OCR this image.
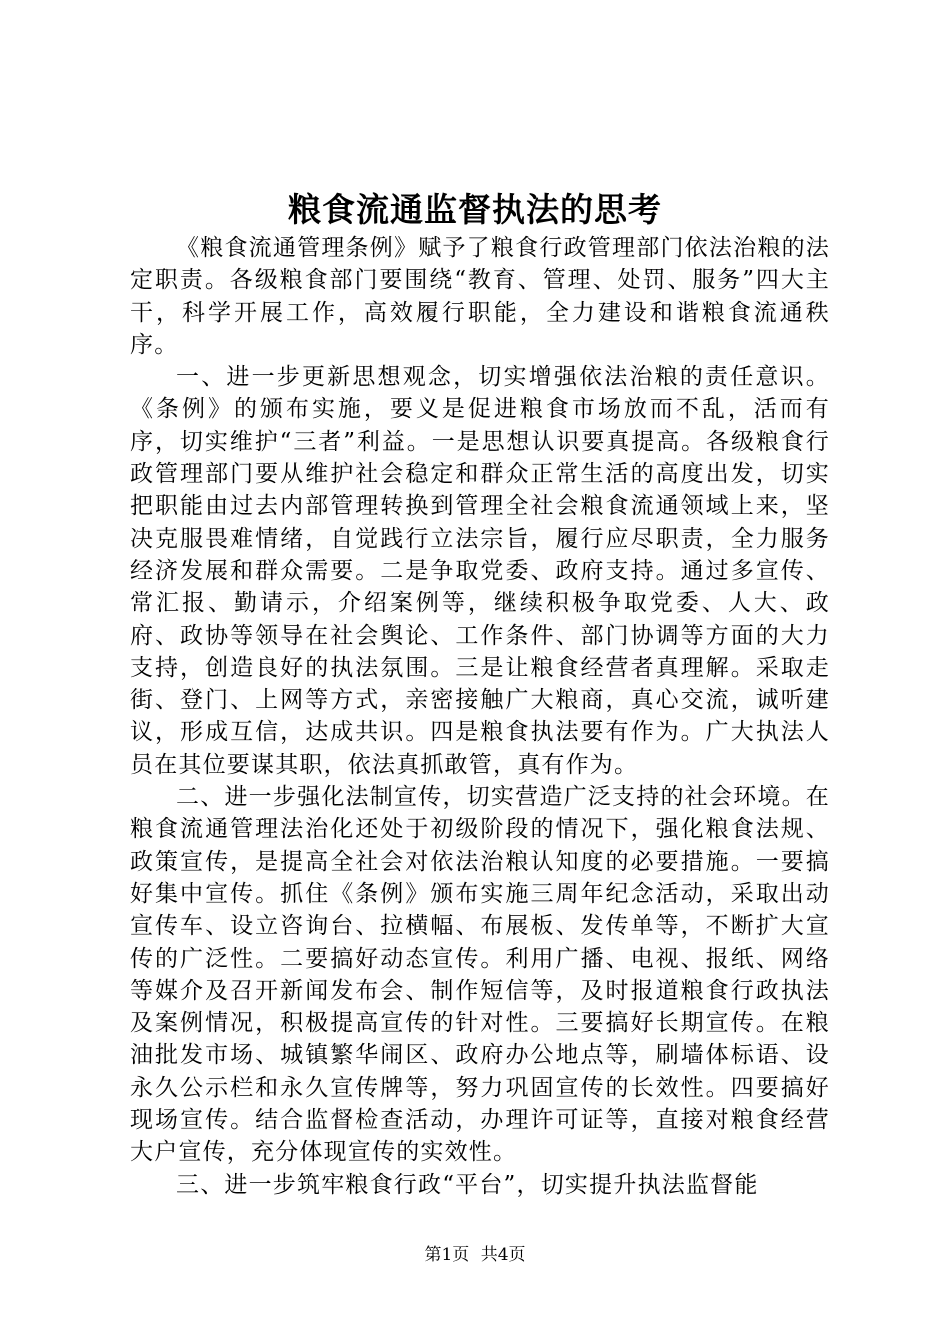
粮食流通监督执法的思考

《粮食流通管理条例》赋予了粮食行政管理部门依法治粮的法定职责。各级粮食部门要围绕“教育、管理、处罚、服务”四大主干，科学开展工作，高效履行职能，全力建设和谐粮食流通秩序。

一、进一步更新思想观念，切实增强依法治粮的责任意识。《条例》的颁布实施，要义是促进粮食市场放而不乱，活而有序，切实维护“三者”利益。一是思想认识要真提高。各级粮食行政管理部门要从维护社会稳定和群众正常生活的高度出发，切实把职能由过去内部管理转换到管理全社会粮食流通领域上来，坚决克服畏难情绪，自觉践行立法宗旨，履行应尽职责，全力服务经济发展和群众需要。二是争取党委、政府支持。通过多宣传、常汇报、勤请示，介绍案例等，继续积极争取党委、人大、政府、政协等领导在社会舆论、工作条件、部门协调等方面的大力支持，创造良好的执法氛围。三是让粮食经营者真理解。采取走街、登门、上网等方式，亲密接触广大粮商，真心交流，诚听建议，形成互信，达成共识。四是粮食执法要有作为。广大执法人员在其位要谋其职，依法真抓敢管，真有作为。

二、进一步强化法制宣传，切实营造广泛支持的社会环境。在粮食流通管理法治化还处于初级阶段的情况下，强化粮食法规、政策宣传，是提高全社会对依法治粮认知度的必要措施。一要搞好集中宣传。抓住《条例》颁布实施三周年纪念活动，采取出动宣传车、设立咨询台、拉横幅、布展板、发传单等，不断扩大宣传的广泛性。二要搞好动态宣传。利用广播、电视、报纸、网络等媒介及召开新闻发布会、制作短信等，及时报道粮食行政执法及案例情况，积极提高宣传的针对性。三要搞好长期宣传。在粮油批发市场、城镇繁华闹区、政府办公地点等，刷墙体标语、设永久公示栏和永久宣传牌等，努力巩固宣传的长效性。四要搞好现场宣传。结合监督检查活动，办理许可证等，直接对粮食经营大户宣传，充分体现宣传的实效性。

三、进一步筑牢粮食行政“平台”，切实提升执法监督能

第1页 共4页
